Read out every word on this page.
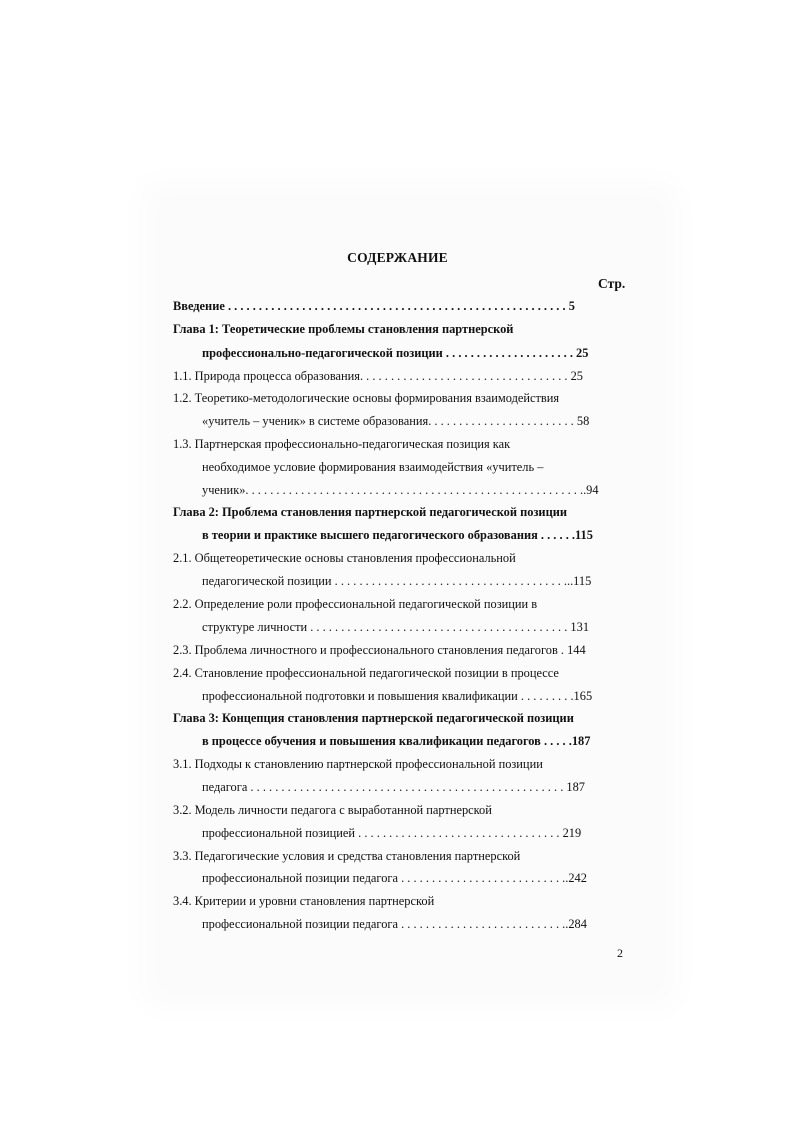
СОДЕРЖАНИЕ
Стр.
Введение . . . . . . . . . . . . . . . . . . . . . . . . . . . . . . . . . . . . . . . . . . . . . . . . . . . . . . . 5
Глава 1: Теоретические проблемы становления партнерской
профессионально-педагогической позиции . . . . . . . . . . . . . . . . . . . . . 25
1.1. Природа процесса образования. . . . . . . . . . . . . . . . . . . . . . . . . . . . . . . . . . 25
1.2. Теоретико-методологические основы формирования взаимодействия
«учитель – ученик» в системе образования. . . . . . . . . . . . . . . . . . . . . . . . 58
1.3. Партнерская профессионально-педагогическая позиция как
необходимое условие формирования взаимодействия «учитель –
ученик». . . . . . . . . . . . . . . . . . . . . . . . . . . . . . . . . . . . . . . . . . . . . . . . . . . . . . ..94
Глава 2: Проблема становления партнерской педагогической позиции
в теории и практике высшего педагогического образования . . . . . .115
2.1. Общетеоретические основы становления профессиональной
педагогической позиции . . . . . . . . . . . . . . . . . . . . . . . . . . . . . . . . . . . . . ...115
2.2. Определение роли профессиональной педагогической позиции в
структуре личности . . . . . . . . . . . . . . . . . . . . . . . . . . . . . . . . . . . . . . . . . . 131
2.3. Проблема личностного и профессионального становления педагогов . 144
2.4. Становление профессиональной педагогической позиции в процессе
профессиональной подготовки и повышения квалификации . . . . . . . . .165
Глава 3: Концепция становления партнерской педагогической позиции
в процессе обучения и повышения квалификации педагогов . . . . .187
3.1. Подходы к становлению партнерской профессиональной позиции
педагога . . . . . . . . . . . . . . . . . . . . . . . . . . . . . . . . . . . . . . . . . . . . . . . . . . . 187
3.2. Модель личности педагога с выработанной партнерской
профессиональной позицией . . . . . . . . . . . . . . . . . . . . . . . . . . . . . . . . . 219
3.3. Педагогические условия и средства становления партнерской
профессиональной позиции педагога . . . . . . . . . . . . . . . . . . . . . . . . . . ..242
3.4. Критерии и уровни становления партнерской
профессиональной позиции педагога . . . . . . . . . . . . . . . . . . . . . . . . . . ..284
2
